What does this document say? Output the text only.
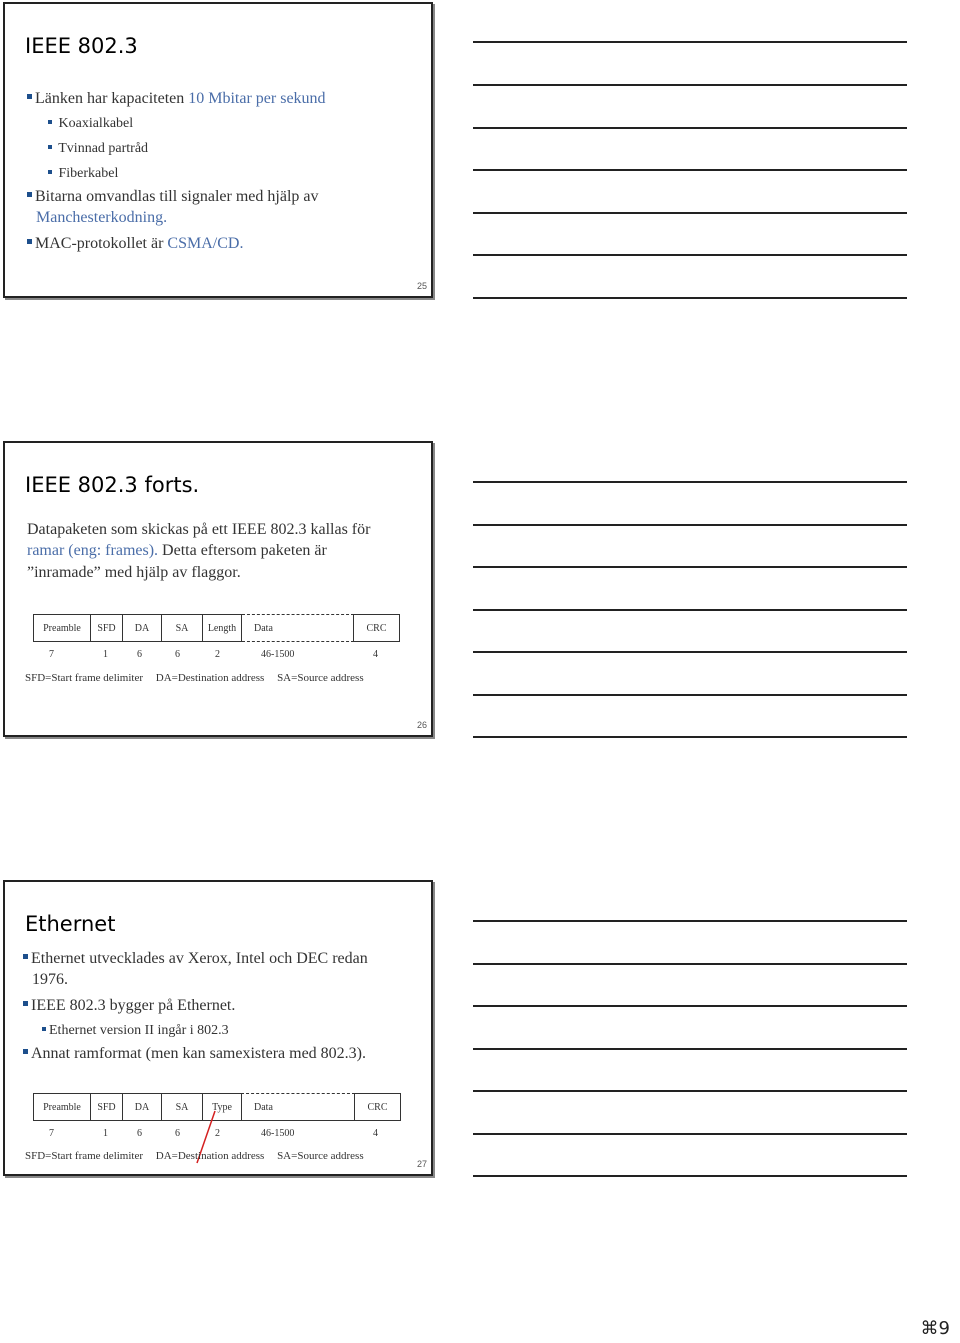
IEEE 802.3
Länken har kapaciteten 10 Mbitar per sekund
Koaxialkabel
Tvinnad partråd
Fiberkabel
Bitarna omvandlas till signaler med hjälp av
Manchesterkodning.
MAC-protokollet är CSMA/CD.
25
IEEE 802.3 forts.
Datapaketen som skickas på ett IEEE 802.3 kallas för
ramar (eng: frames). Detta eftersom paketen är
”inramade” med hjälp av flaggor.
Preamble	SFD	DA	SA	Length	Data	CRC
7	1	6	6	2	46-1500	4
SFD=Start frame delimiter DA=Destination address SA=Source address
26
Ethernet
Ethernet utvecklades av Xerox, Intel och DEC redan
1976.
IEEE 802.3 bygger på Ethernet.
Ethernet version II ingår i 802.3
Annat ramformat (men kan samexistera med 802.3).
Preamble	SFD	DA	SA	Type	Data	CRC
7	1	6	6	2	46-1500	4
SFD=Start frame delimiter DA=Destination address SA=Source address
27
⌘9
